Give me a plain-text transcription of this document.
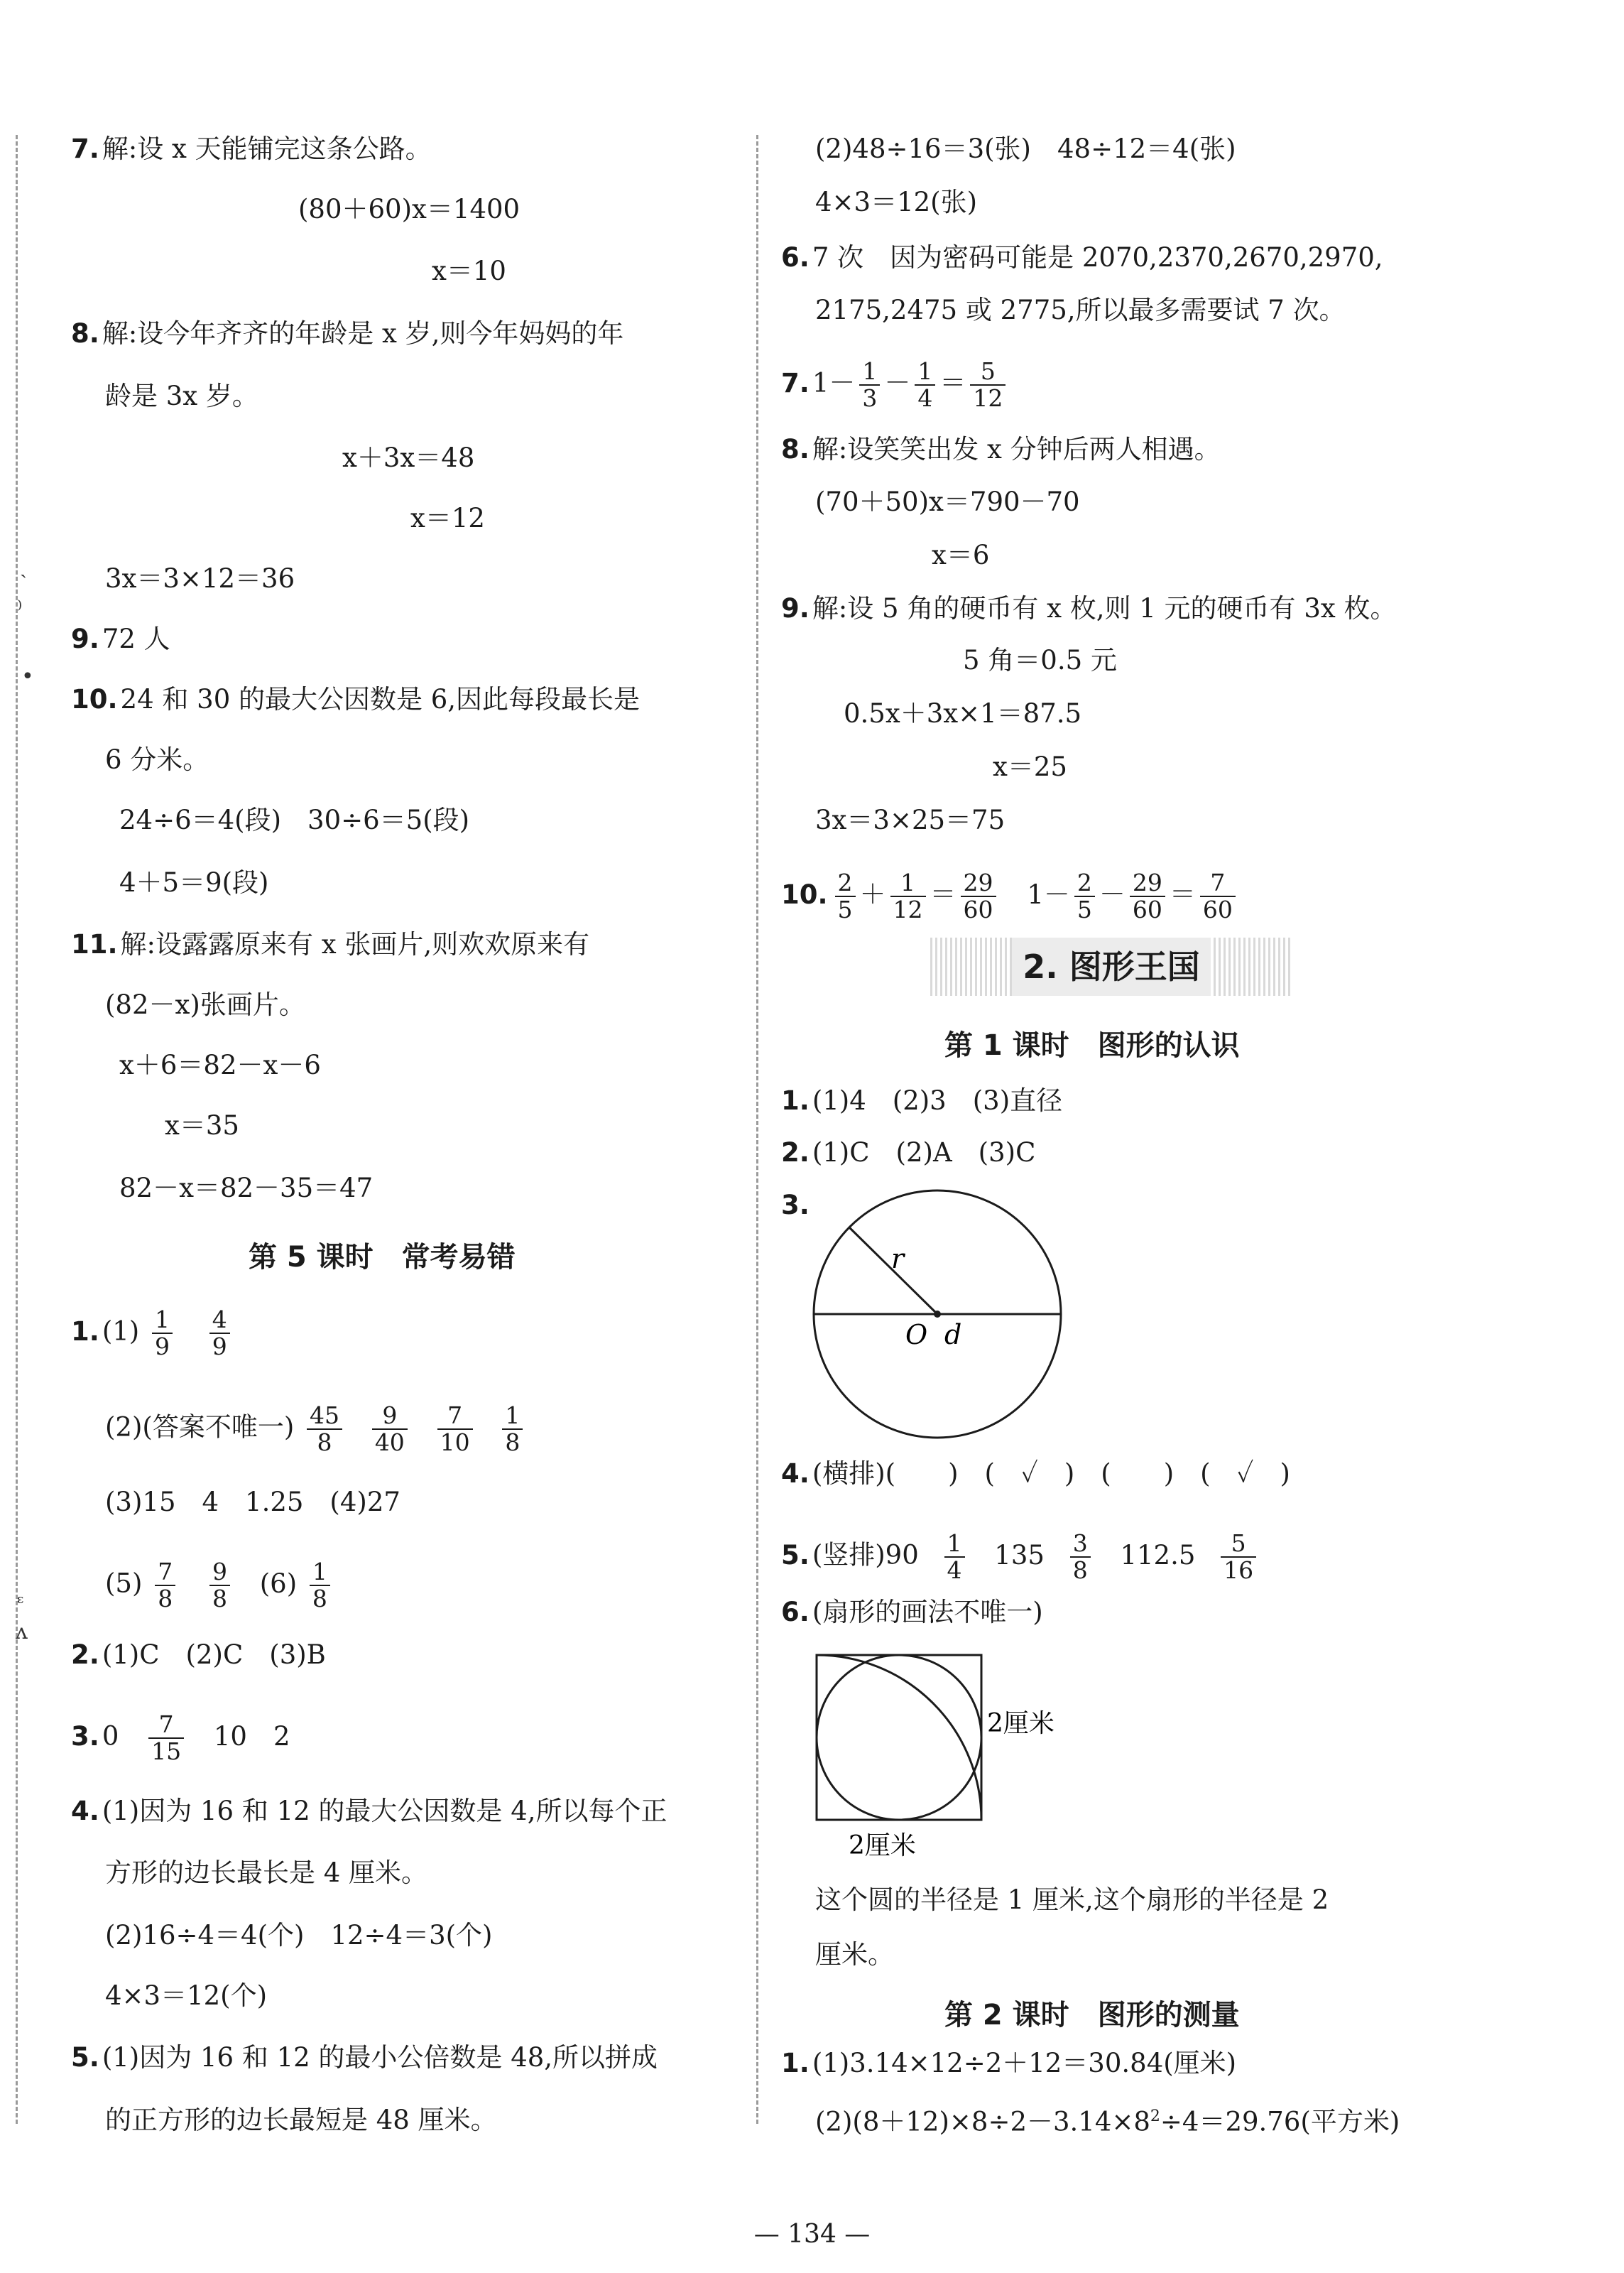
ˎ
⁾
•
ᵋ
ᴧ
7. 解:设 x 天能铺完这条公路。
(80＋60)x＝1400
x＝10
8. 解:设今年齐齐的年龄是 x 岁,则今年妈妈的年
龄是 3x 岁。
x＋3x＝48
x＝12
3x＝3×12＝36
9. 72 人
10. 24 和 30 的最大公因数是 6,因此每段最长是
6 分米。
24÷6＝4(段)　30÷6＝5(段)
4＋5＝9(段)
11. 解:设露露原来有 x 张画片,则欢欢原来有
(82－x)张画片。
x＋6＝82－x－6
x＝35
82－x＝82－35＝47
第 5 课时　常考易错
1. $(1) \frac{1}{9}$
$\frac{4}{9}$
(2)(答案不唯一) $\frac{45}{8}$
$\frac{9}{40}$
$\frac{7}{10}$
$\frac{1}{8}$
(3)15　4　1.25　(4)27
$(5) \frac{7}{8}$
$\frac{9}{8} (6) \frac{1}{8}$
2. (1)C　(2)C　(3)B
3. $0 \frac{7}{15} 10$　2
4. (1)因为 16 和 12 的最大公因数是 4,所以每个正
方形的边长最长是 4 厘米。
(2)16÷4＝4(个)　12÷4＝3(个)
4×3＝12(个)
5. (1)因为 16 和 12 的最小公倍数是 48,所以拼成
的正方形的边长最短是 48 厘米。
(2)48÷16＝3(张)　48÷12＝4(张)
4×3＝12(张)
6. 7 次　因为密码可能是 2070,2370,2670,2970,
2175,2475 或 2775,所以最多需要试 7 次。
7. $1- \frac{1}{3} - \frac{1}{4} = \frac{5}{12}$
8. 解:设笑笑出发 x 分钟后两人相遇。
(70＋50)x＝790－70
x＝6
9. 解:设 5 角的硬币有 x 枚,则 1 元的硬币有 3x 枚。
5 角＝0.5 元
0.5x＋3x×1＝87.5
x＝25
3x＝3×25＝75
10. $\frac{2}{5} + \frac{1}{12} = \frac{29}{60} 1- \frac{2}{5} - \frac{29}{60} = \frac{7}{60}$
2. 图形王国
第 1 课时　图形的认识
1. (1)4　(2)3　(3)直径
2. (1)C　(2)A　(3)C
3.
r
O d
4. (横排)(　　)　(　✓　)　(　　)　(　✓　)
5. (竖排)$90 \frac{1}{4} 135 \frac{3}{8} 112.5 \frac{5}{16}$
6. (扇形的画法不唯一)
2厘米
2厘米
这个圆的半径是 1 厘米,这个扇形的半径是 2
厘米。
第 2 课时　图形的测量
1. (1)3.14×12÷2＋12＝30.84(厘米)
$(2)(8+12)\times 8\div 2-3.14\times 8^2\div 4=29.76$(平方米)
— 134 —
